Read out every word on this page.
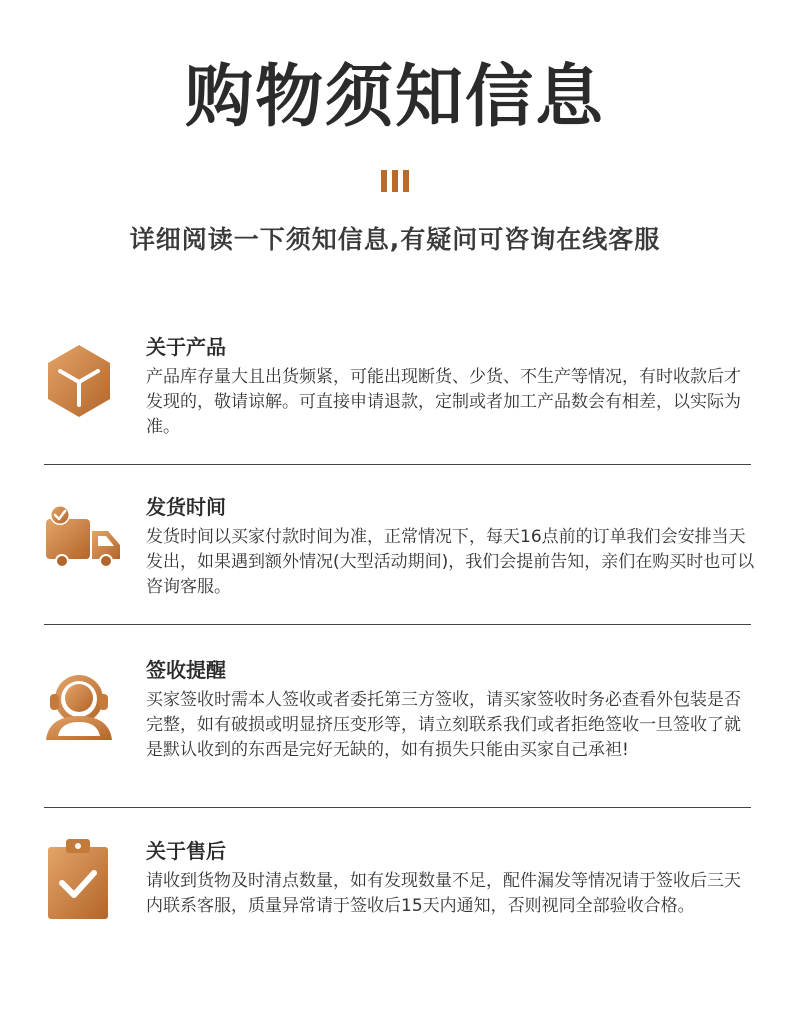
购物须知信息
详细阅读一下须知信息,有疑问可咨询在线客服
关于产品

产品库存量大且出货频紧，可能出现断货、少货、不生产等情况，有时收款后才发现的，敬请谅解。可直接申请退款，定制或者加工产品数会有相差，以实际为准。

发货时间

发货时间以买家付款时间为准，正常情况下，每天16点前的订单我们会安排当天发出，如果遇到额外情况(大型活动期间)，我们会提前告知，亲们在购买时也可以咨询客服。

签收提醒

买家签收时需本人签收或者委托第三方签收，请买家签收时务必查看外包装是否完整，如有破损或明显挤压变形等，请立刻联系我们或者拒绝签收一旦签收了就是默认收到的东西是完好无缺的，如有损失只能由买家自己承袒!

关于售后

请收到货物及时清点数量，如有发现数量不足，配件漏发等情况请于签收后三天内联系客服，质量异常请于签收后15天内通知，否则视同全部验收合格。
